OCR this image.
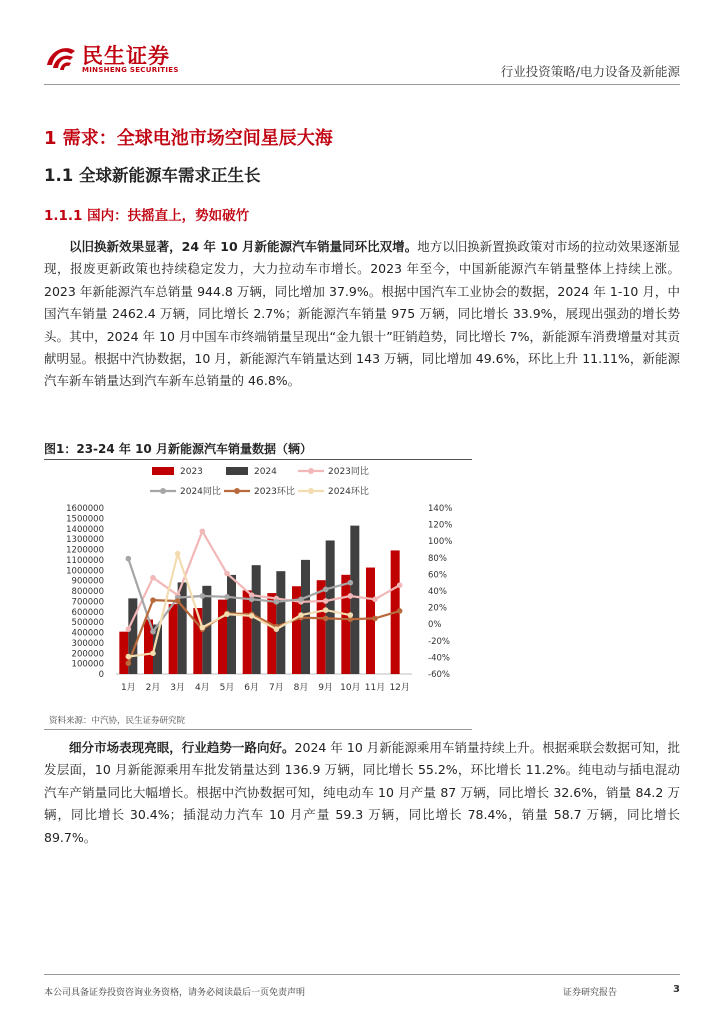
民生证券
MINSHENG SECURITIES	行业投资策略/电力设备及新能源
1 需求：全球电池市场空间星辰大海
1.1 全球新能源车需求正生长
1.1.1 国内：扶摇直上，势如破竹
以旧换新效果显著，24 年 10 月新能源汽车销量同环比双增。地方以旧换新置换政策对市场的拉动效果逐渐显现，报废更新政策也持续稳定发力，大力拉动车市增长。2023 年至今，中国新能源汽车销量整体上持续上涨。2023 年新能源汽车总销量 944.8 万辆，同比增加 37.9%。根据中国汽车工业协会的数据，2024 年 1-10 月，中国汽车销量 2462.4 万辆，同比增长 2.7%；新能源汽车销量 975 万辆，同比增长 33.9%，展现出强劲的增长势头。其中，2024 年 10 月中国车市终端销量呈现出“金九银十”旺销趋势，同比增长 7%，新能源车消费增量对其贡献明显。根据中汽协数据，10 月，新能源汽车销量达到 143 万辆，同比增加 49.6%，环比上升 11.11%，新能源汽车新车销量达到汽车新车总销量的 46.8%。
图1：23-24 年 10 月新能源汽车销量数据（辆）
0
100000
200000
300000
400000
500000
600000
700000
800000
900000
1000000
1100000
1200000
1300000
1400000
1500000
1600000
-60%
-40%
-20%
0%
20%
40%
60%
80%
100%
120%
140%
1月 2月 3月 4月 5月 6月 7月 8月 9月 10月 11月 12月
2023	2024	2023同比
2024同比	2023环比	2024环比
资料来源：中汽协，民生证券研究院
细分市场表现亮眼，行业趋势一路向好。2024 年 10 月新能源乘用车销量持续上升。根据乘联会数据可知，批发层面，10 月新能源乘用车批发销量达到 136.9 万辆，同比增长 55.2%，环比增长 11.2%。纯电动与插电混动汽车产销量同比大幅增长。根据中汽协数据可知，纯电动车 10 月产量 87 万辆，同比增长 32.6%，销量 84.2 万辆，同比增长 30.4%；插混动力汽车 10 月产量 59.3 万辆，同比增长 78.4%，销量 58.7 万辆，同比增长 89.7%。
本公司具备证券投资咨询业务资格，请务必阅读最后一页免责声明	证券研究报告	3
